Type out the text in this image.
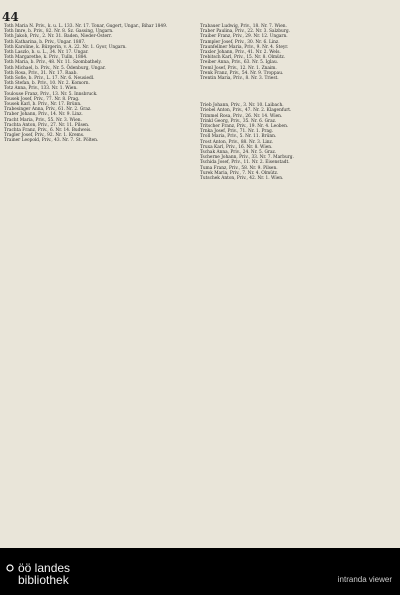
44

Toth Maria N. Priv., k. u. L. 133. Nr. 17. Tonar, Gugert, Ungar., Bihar 1849.

Toth Imre, b. Priv., 82. Nr. 8. Sz. Gassing, Ungarn.

Toth Jakob, Priv., 2. Nr. 31. Baden, Nieder-Österr.

Toth Katharina, b. Priv., Ungar. 1887.

Toth Karoline, k. Bürgerin, v. A. 22. Nr. 1. Gyor, Ungarn.

Toth Laszlo, b. u. L., 34. Nr. 17. Ungar.

Toth Margarethe, k. Priv., Tulln, 1884.

Toth Maria, b. Priv., 48. Nr. 11. Szombathely.

Toth Michael, b. Priv., Nr. 5. Ödenburg, Ungar.

Toth Rosa, Priv., 31. Nr. 17. Raab.

Toth Sofie, b. Priv., L. 17. Nr. 6. Neusiedl.

Toth Stefan, b. Priv., 10. Nr. 2. Komorn.

Totz Anna, Priv., 133. Nr. 1. Wien.

Toulouse Franz, Priv., 13. Nr. 5. Innsbruck.

Tousek Josef, Priv., 77. Nr. 8. Prag.

Tousek Karl, b. Priv., Nr. 17. Brünn.

Trabesinger Anna, Priv., 61. Nr. 2. Graz.

Traber Johann, Priv., 14. Nr. 9. Linz.

Tracht Maria, Priv., 55. Nr. 3. Wien.

Trachta Anton, Priv., 27. Nr. 11. Pilsen.

Trachta Franz, Priv., 6. Nr. 14. Budweis.

Tragler Josef, Priv., 92. Nr. 1. Krems.

Trainer Leopold, Priv., 43. Nr. 7. St. Pölten.

Trabauer Ludwig, Priv., 18. Nr. 7. Wien.

Traber Paulina, Priv., 22. Nr. 3. Salzburg.

Traiber Franz, Priv., 29. Nr. 12. Ungarn.

Trampler Josef, Priv., 30. Nr. 6. Linz.

Traunfellner Maria, Priv., 9. Nr. 4. Steyr.

Traxler Johann, Priv., 41. Nr. 2. Wels.

Trebitsch Karl, Priv., 15. Nr. 8. Olmütz.

Treiber Anna, Priv., 63. Nr. 5. Iglau.

Treml Josef, Priv., 12. Nr. 1. Znaim.

Trenk Franz, Priv., 54. Nr. 9. Troppau.

Trentin Maria, Priv., 8. Nr. 3. Triest.

Trieb Johann, Priv., 3. Nr. 10. Laibach.

Triebel Anton, Priv., 47. Nr. 2. Klagenfurt.

Trimmel Rosa, Priv., 26. Nr. 14. Wien.

Trinkl Georg, Priv., 35. Nr. 6. Graz.

Tritscher Franz, Priv., 19. Nr. 4. Leoben.

Trnka Josef, Priv., 71. Nr. 1. Prag.

Troll Maria, Priv., 5. Nr. 11. Brünn.

Trost Anton, Priv., 88. Nr. 3. Linz.

Truxa Karl, Priv., 16. Nr. 8. Wien.

Tschak Anna, Priv., 24. Nr. 5. Graz.

Tscherne Johann, Priv., 33. Nr. 7. Marburg.

Tschida Josef, Priv., 11. Nr. 2. Eisenstadt.

Tuma Franz, Priv., 58. Nr. 9. Pilsen.

Turek Maria, Priv., 7. Nr. 4. Olmütz.

Tutschek Anton, Priv., 42. Nr. 1. Wien.

öö landes
bibliothek	intranda viewer
